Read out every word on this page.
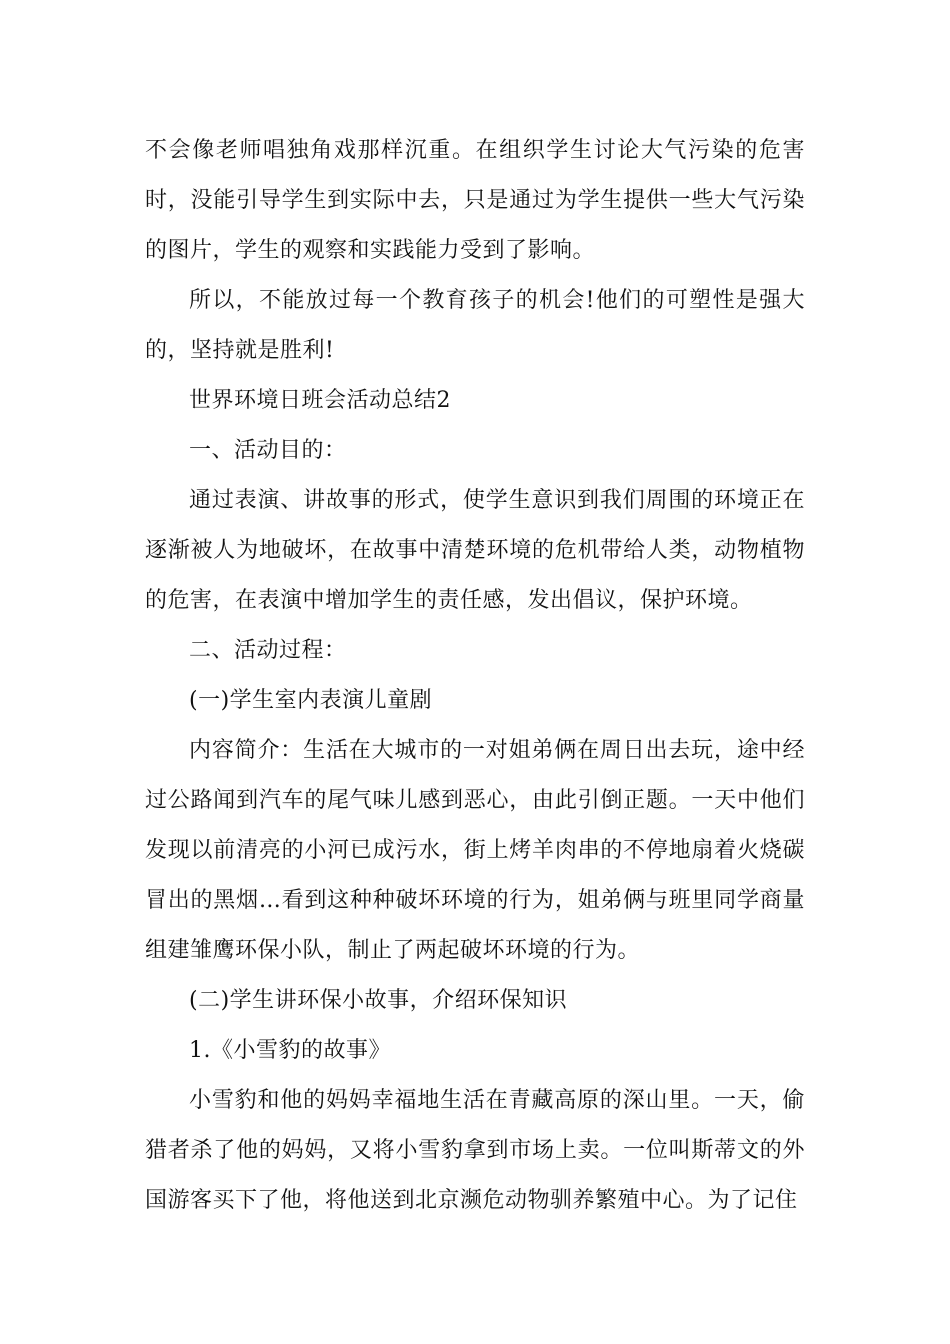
不会像老师唱独角戏那样沉重。在组织学生讨论大气污染的危害时，没能引导学生到实际中去，只是通过为学生提供一些大气污染的图片，学生的观察和实践能力受到了影响。

所以，不能放过每一个教育孩子的机会!他们的可塑性是强大的，坚持就是胜利!

世界环境日班会活动总结2

一、活动目的：

通过表演、讲故事的形式，使学生意识到我们周围的环境正在逐渐被人为地破坏，在故事中清楚环境的危机带给人类，动物植物的危害，在表演中增加学生的责任感，发出倡议，保护环境。

二、活动过程：

(一)学生室内表演儿童剧

内容简介：生活在大城市的一对姐弟俩在周日出去玩，途中经过公路闻到汽车的尾气味儿感到恶心，由此引倒正题。一天中他们发现以前清亮的小河已成污水，街上烤羊肉串的不停地扇着火烧碳冒出的黑烟…看到这种种破坏环境的行为，姐弟俩与班里同学商量组建雏鹰环保小队，制止了两起破坏环境的行为。

(二)学生讲环保小故事，介绍环保知识

1.《小雪豹的故事》

小雪豹和他的妈妈幸福地生活在青藏高原的深山里。一天，偷猎者杀了他的妈妈，又将小雪豹拿到市场上卖。一位叫斯蒂文的外国游客买下了他，将他送到北京濒危动物驯养繁殖中心。为了记住
